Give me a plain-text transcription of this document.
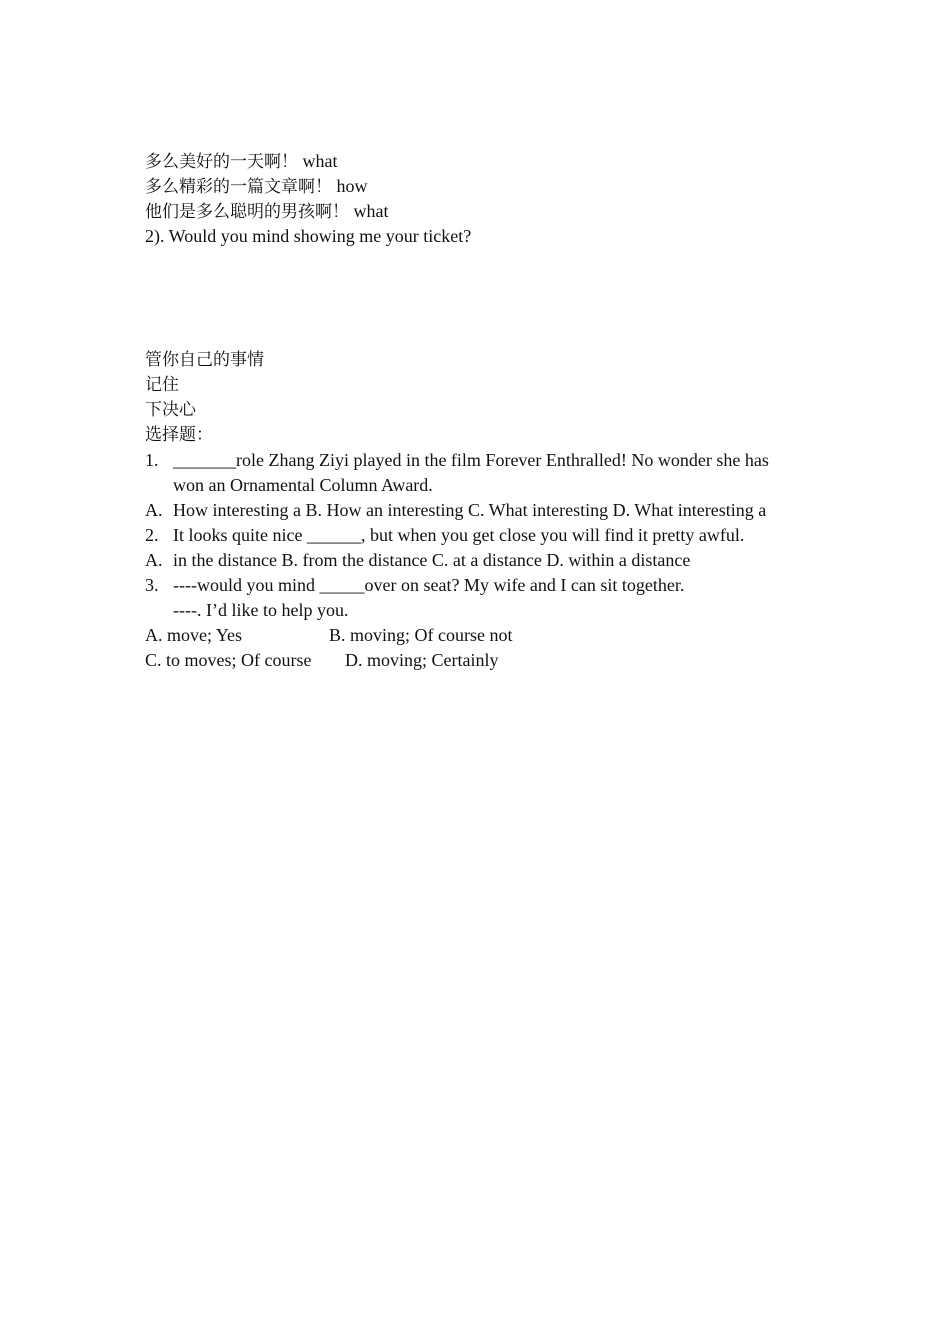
多么美好的一天啊！ what
多么精彩的一篇文章啊！ how
他们是多么聪明的男孩啊！ what
2). Would you mind showing me your ticket?
管你自己的事情
记住
下决心
选择题：
1. _______role Zhang Ziyi played in the film Forever Enthralled! No wonder she has
won an Ornamental Column Award.
A. How interesting a B. How an interesting C. What interesting D. What interesting a
2. It looks quite nice ______, but when you get close you will find it pretty awful.
A. in the distance B. from the distance C. at a distance D. within a distance
3. ----would you mind _____over on seat? My wife and I can sit together.
----. I’d like to help you.
A. move; Yes	B. moving; Of course not
C. to moves; Of course D. moving; Certainly
